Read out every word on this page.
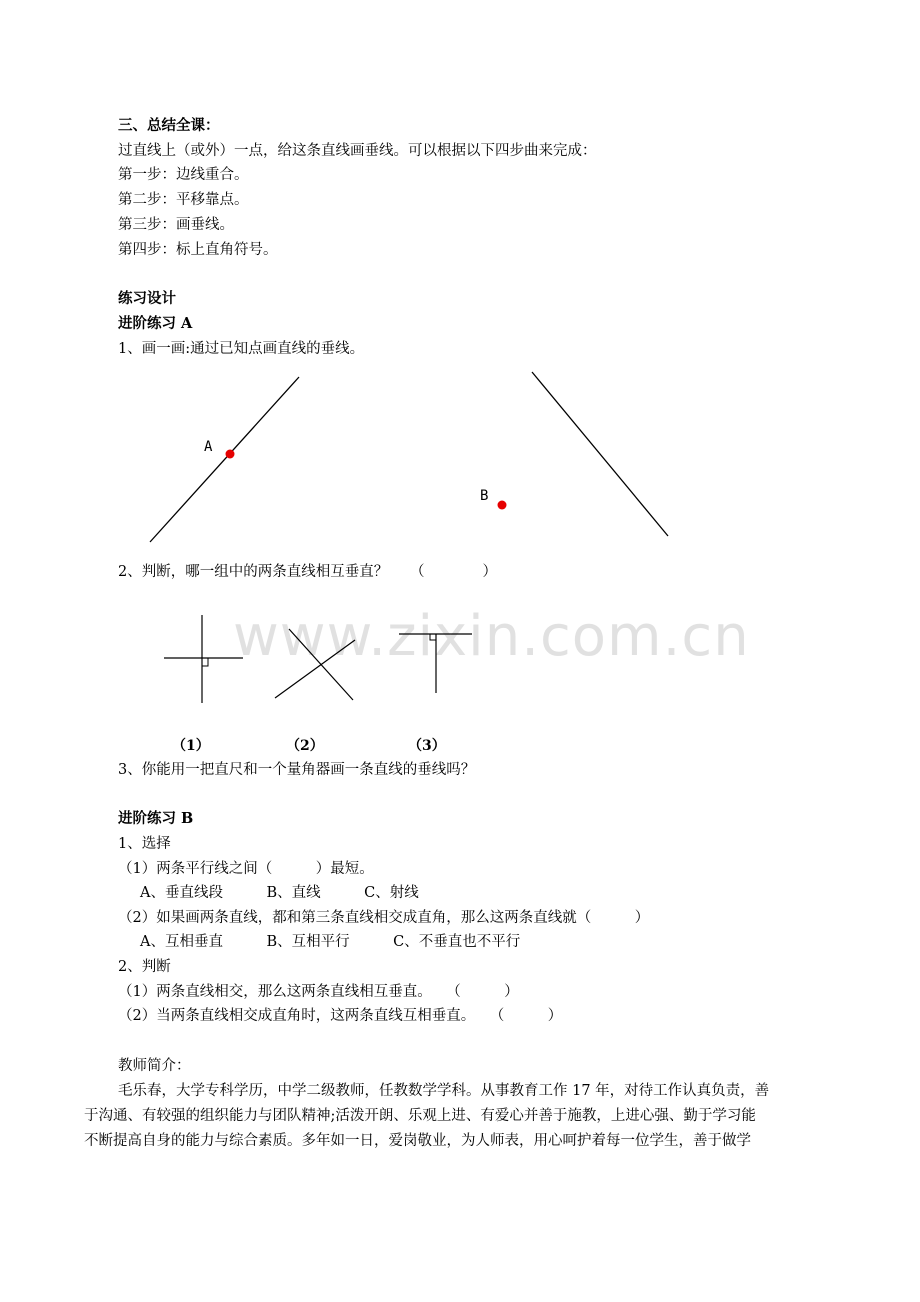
www.zixin.com.cn
三、总结全课：
过直线上（或外）一点，给这条直线画垂线。可以根据以下四步曲来完成：
第一步：边线重合。
第二步：平移靠点。
第三步：画垂线。
第四步：标上直角符号。
练习设计
进阶练习 A
1、画一画:通过已知点画直线的垂线。
A
B
2、判断，哪一组中的两条直线相互垂直？　　（　　　　）
（1）	（2）	（3）
3、你能用一把直尺和一个量角器画一条直线的垂线吗？
进阶练习 B
1、选择
（1）两条平行线之间（　　　）最短。
A、垂直线段　　　B、直线　　　C、射线
（2）如果画两条直线，都和第三条直线相交成直角，那么这两条直线就（　　　）
A、互相垂直　　　B、互相平行　　　C、不垂直也不平行
2、判断
（1）两条直线相交，那么这两条直线相互垂直。　　（　　　）
（2）当两条直线相交成直角时，这两条直线互相垂直。　　（　　　）
教师简介：
毛乐春，大学专科学历，中学二级教师，任教数学学科。从事教育工作 17 年，对待工作认真负责，善
于沟通、有较强的组织能力与团队精神;活泼开朗、乐观上进、有爱心并善于施教，上进心强、勤于学习能
不断提高自身的能力与综合素质。多年如一日，爱岗敬业，为人师表，用心呵护着每一位学生，善于做学
